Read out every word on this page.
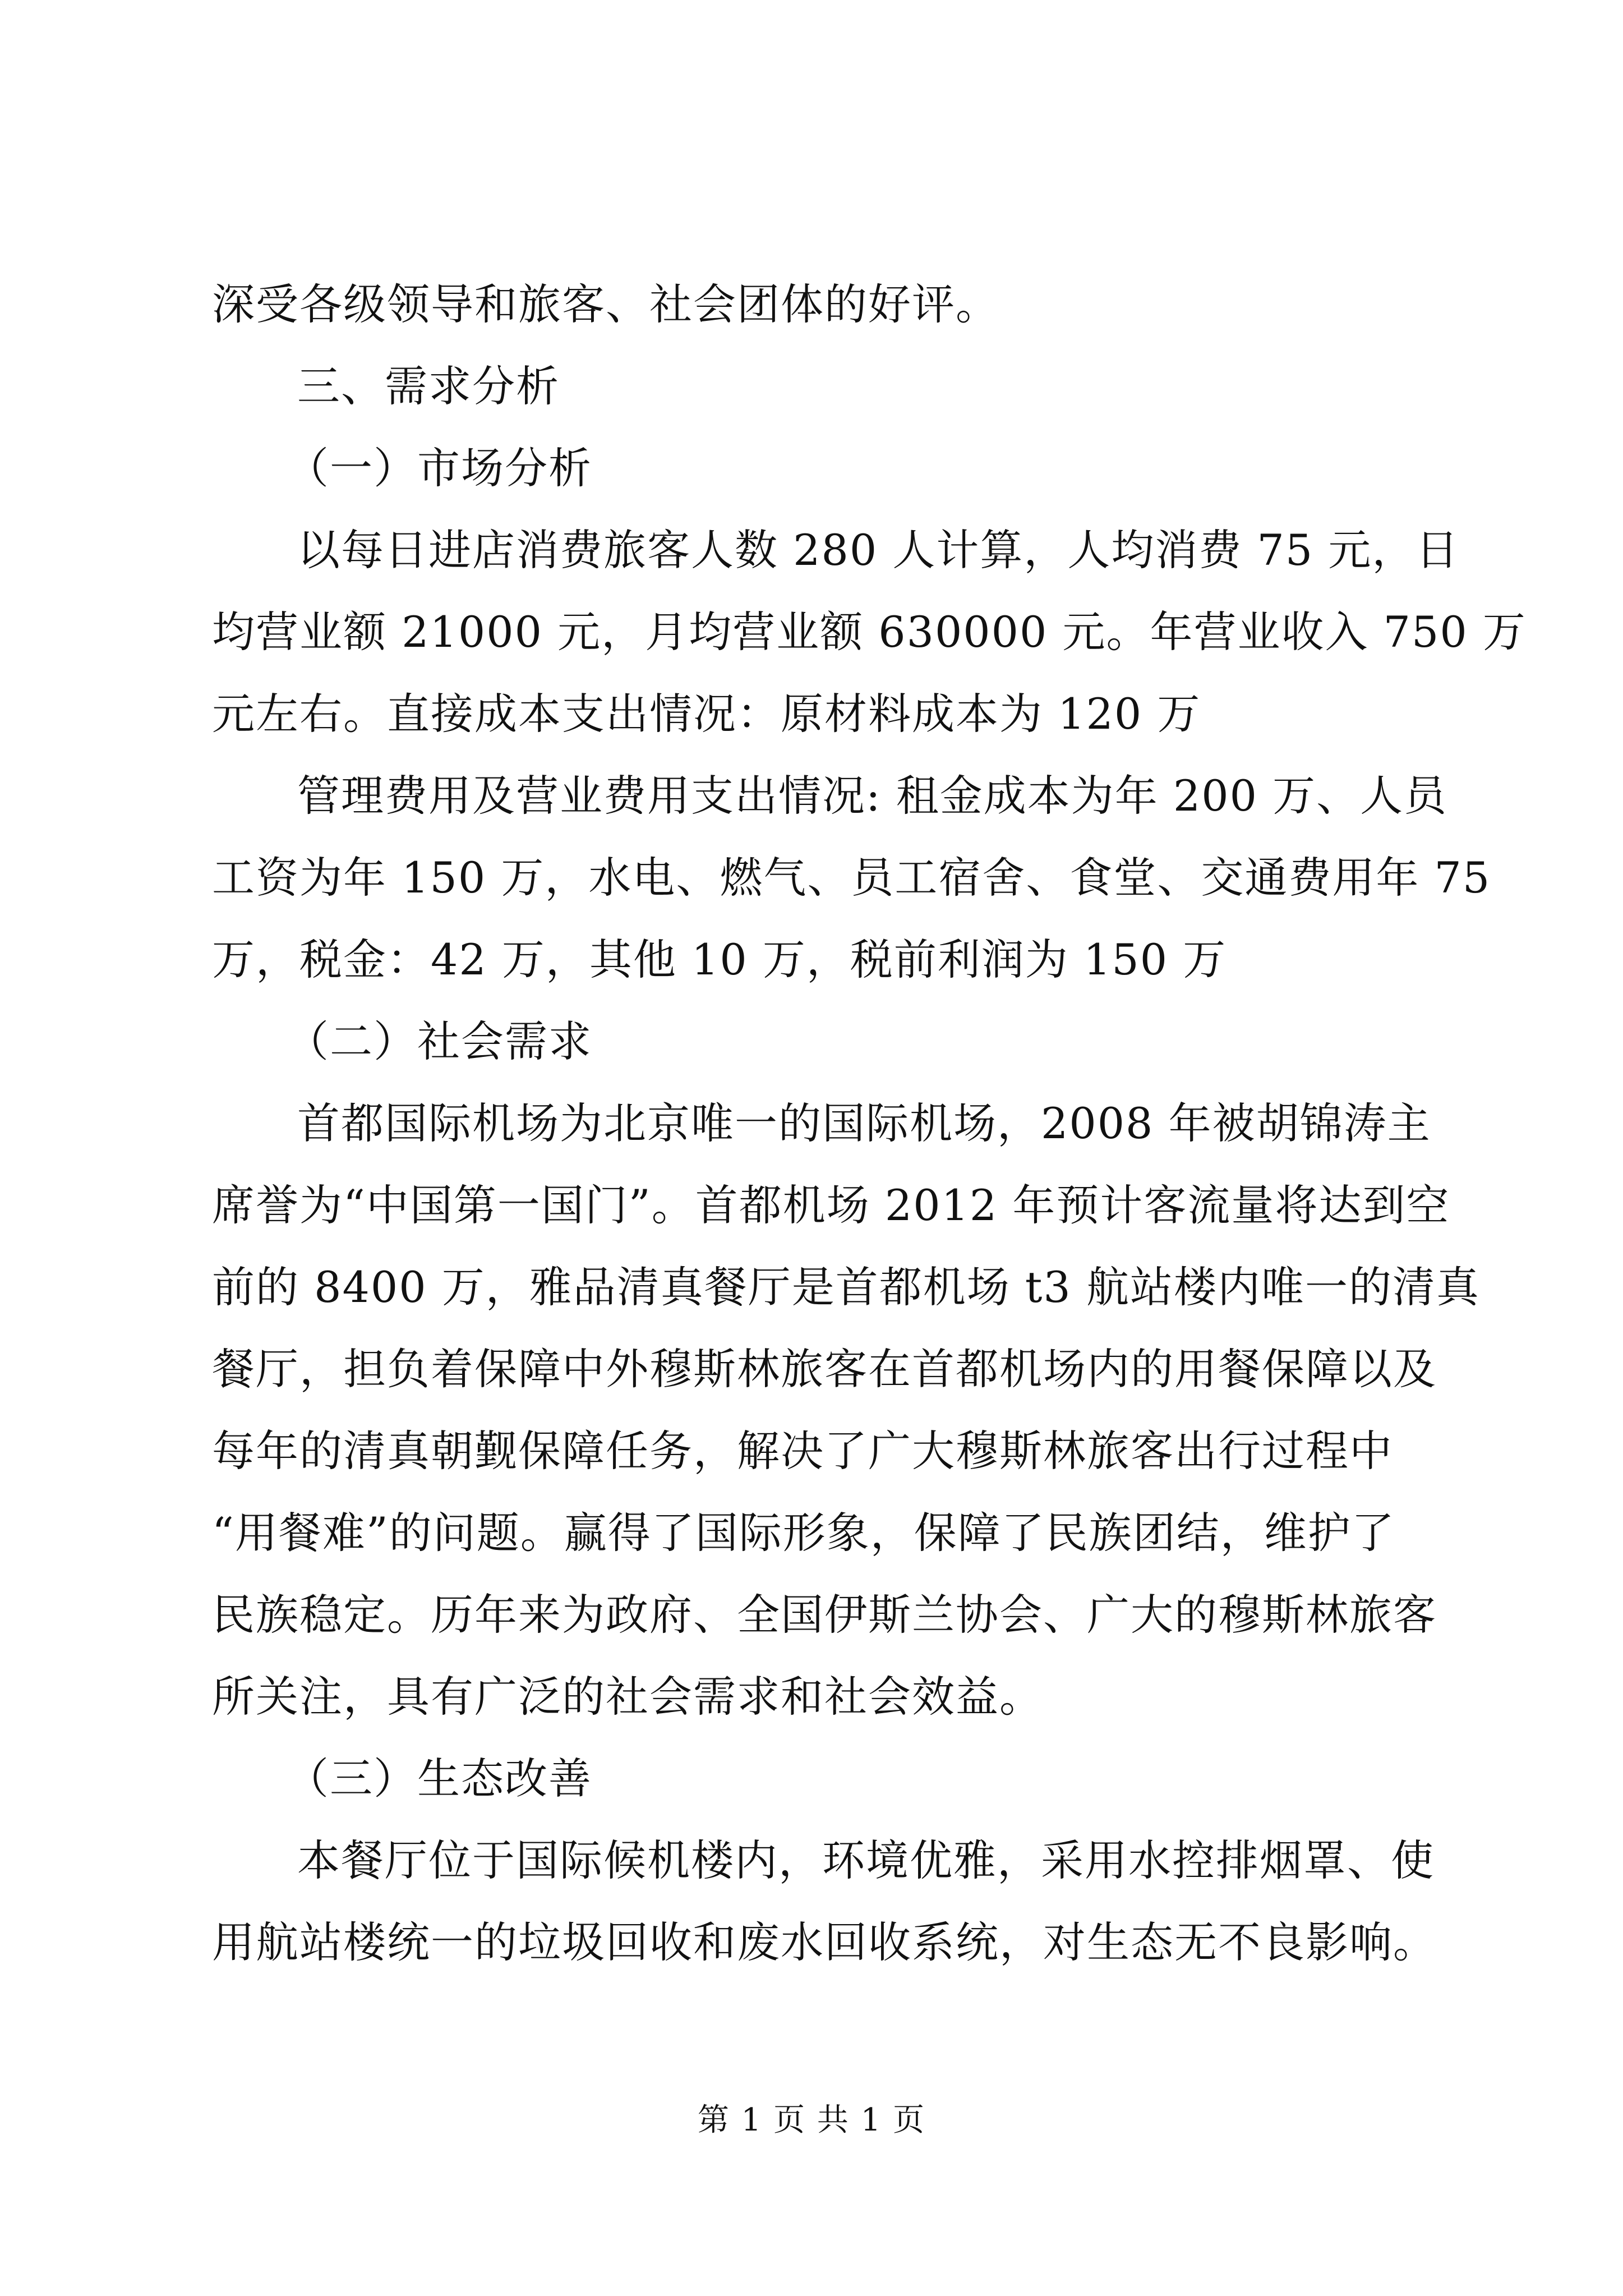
深受各级领导和旅客、社会团体的好评。
三、需求分析
（一）市场分析
以每日进店消费旅客人数 280 人计算，人均消费 75 元，日
均营业额 21000 元，月均营业额 630000 元。年营业收入 750 万
元左右。直接成本支出情况：原材料成本为 120 万
管理费用及营业费用支出情况: 租金成本为年 200 万、人员
工资为年 150 万，水电、燃气、员工宿舍、食堂、交通费用年 75
万，税金：42 万，其他 10 万，税前利润为 150 万
（二）社会需求
首都国际机场为北京唯一的国际机场，2008 年被胡锦涛主
席誉为“中国第一国门”。首都机场 2012 年预计客流量将达到空
前的 8400 万，雅品清真餐厅是首都机场 t3 航站楼内唯一的清真
餐厅，担负着保障中外穆斯林旅客在首都机场内的用餐保障以及
每年的清真朝觐保障任务，解决了广大穆斯林旅客出行过程中
“用餐难”的问题。赢得了国际形象，保障了民族团结，维护了
民族稳定。历年来为政府、全国伊斯兰协会、广大的穆斯林旅客
所关注，具有广泛的社会需求和社会效益。
（三）生态改善
本餐厅位于国际候机楼内，环境优雅，采用水控排烟罩、使
用航站楼统一的垃圾回收和废水回收系统，对生态无不良影响。
第 1 页 共 1 页
